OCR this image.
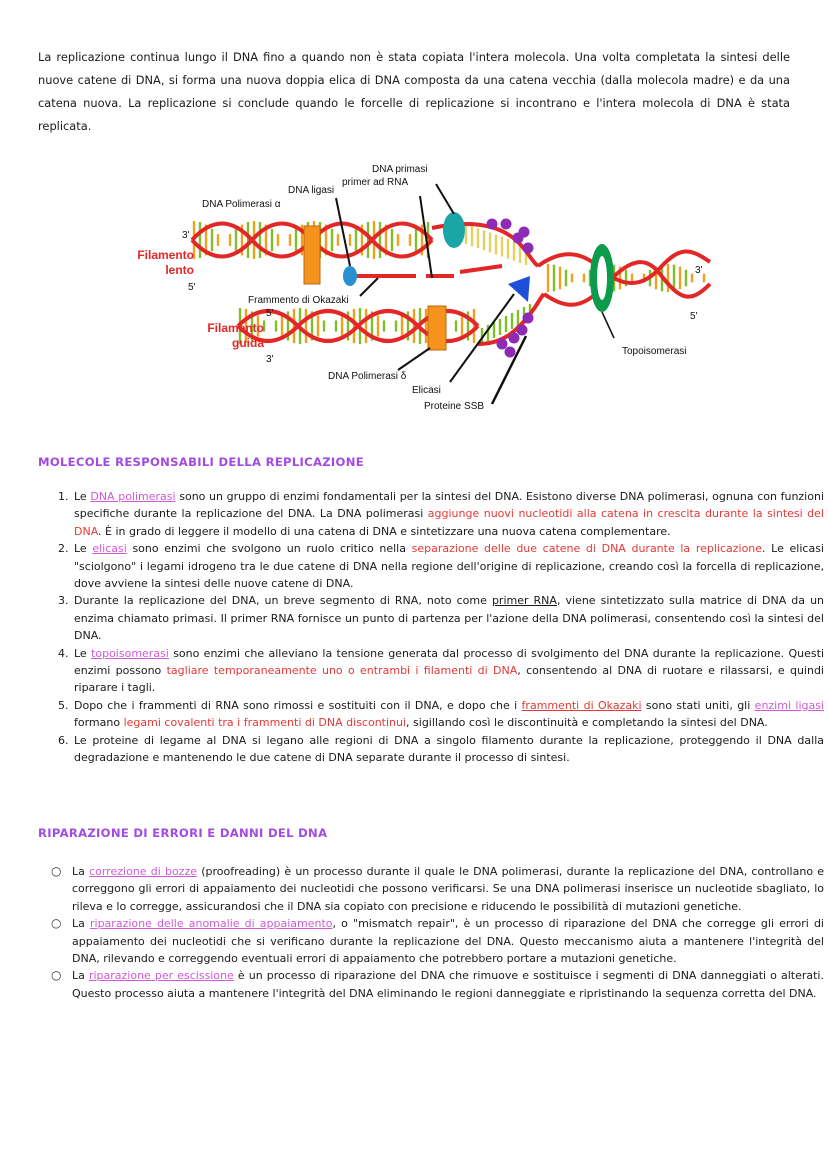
La replicazione continua lungo il DNA fino a quando non è stata copiata l'intera molecola. Una volta completata la sintesi delle nuove catene di DNA, si forma una nuova doppia elica di DNA composta da una catena vecchia (dalla molecola madre) e da una catena nuova. La replicazione si conclude quando le forcelle di replicazione si incontrano e l'intera molecola di DNA è stata replicata.

DNA primasi
primer ad RNA
DNA ligasi
DNA Polimerasi α
3'
Filamento
lento
5'
Frammento di Okazaki
5'
Filamento
guida
3'
DNA Polimerasi δ
Elicasi
Proteine SSB
Topoisomerasi
3'
5'
MOLECOLE RESPONSABILI DELLA REPLICAZIONE
1. Le DNA polimerasi sono un gruppo di enzimi fondamentali per la sintesi del DNA. Esistono diverse DNA polimerasi, ognuna con funzioni specifiche durante la replicazione del DNA. La DNA polimerasi aggiunge nuovi nucleotidi alla catena in crescita durante la sintesi del DNA. È in grado di leggere il modello di una catena di DNA e sintetizzare una nuova catena complementare.
2. Le elicasi sono enzimi che svolgono un ruolo critico nella separazione delle due catene di DNA durante la replicazione. Le elicasi "sciolgono" i legami idrogeno tra le due catene di DNA nella regione dell'origine di replicazione, creando così la forcella di replicazione, dove avviene la sintesi delle nuove catene di DNA.
3. Durante la replicazione del DNA, un breve segmento di RNA, noto come primer RNA, viene sintetizzato sulla matrice di DNA da un enzima chiamato primasi. Il primer RNA fornisce un punto di partenza per l'azione della DNA polimerasi, consentendo così la sintesi del DNA.
4. Le topoisomerasi sono enzimi che alleviano la tensione generata dal processo di svolgimento del DNA durante la replicazione. Questi enzimi possono tagliare temporaneamente uno o entrambi i filamenti di DNA, consentendo al DNA di ruotare e rilassarsi, e quindi riparare i tagli.
5. Dopo che i frammenti di RNA sono rimossi e sostituiti con il DNA, e dopo che i frammenti di Okazaki sono stati uniti, gli enzimi ligasi formano legami covalenti tra i frammenti di DNA discontinui, sigillando così le discontinuità e completando la sintesi del DNA.
6. Le proteine di legame al DNA si legano alle regioni di DNA a singolo filamento durante la replicazione, proteggendo il DNA dalla degradazione e mantenendo le due catene di DNA separate durante il processo di sintesi.
RIPARAZIONE DI ERRORI E DANNI DEL DNA
○ La correzione di bozze (proofreading) è un processo durante il quale le DNA polimerasi, durante la replicazione del DNA, controllano e correggono gli errori di appaiamento dei nucleotidi che possono verificarsi. Se una DNA polimerasi inserisce un nucleotide sbagliato, lo rileva e lo corregge, assicurandosi che il DNA sia copiato con precisione e riducendo le possibilità di mutazioni genetiche.
○ La riparazione delle anomalie di appaiamento, o "mismatch repair", è un processo di riparazione del DNA che corregge gli errori di appaiamento dei nucleotidi che si verificano durante la replicazione del DNA. Questo meccanismo aiuta a mantenere l'integrità del DNA, rilevando e correggendo eventuali errori di appaiamento che potrebbero portare a mutazioni genetiche.
○ La riparazione per escissione è un processo di riparazione del DNA che rimuove e sostituisce i segmenti di DNA danneggiati o alterati. Questo processo aiuta a mantenere l'integrità del DNA eliminando le regioni danneggiate e ripristinando la sequenza corretta del DNA.
